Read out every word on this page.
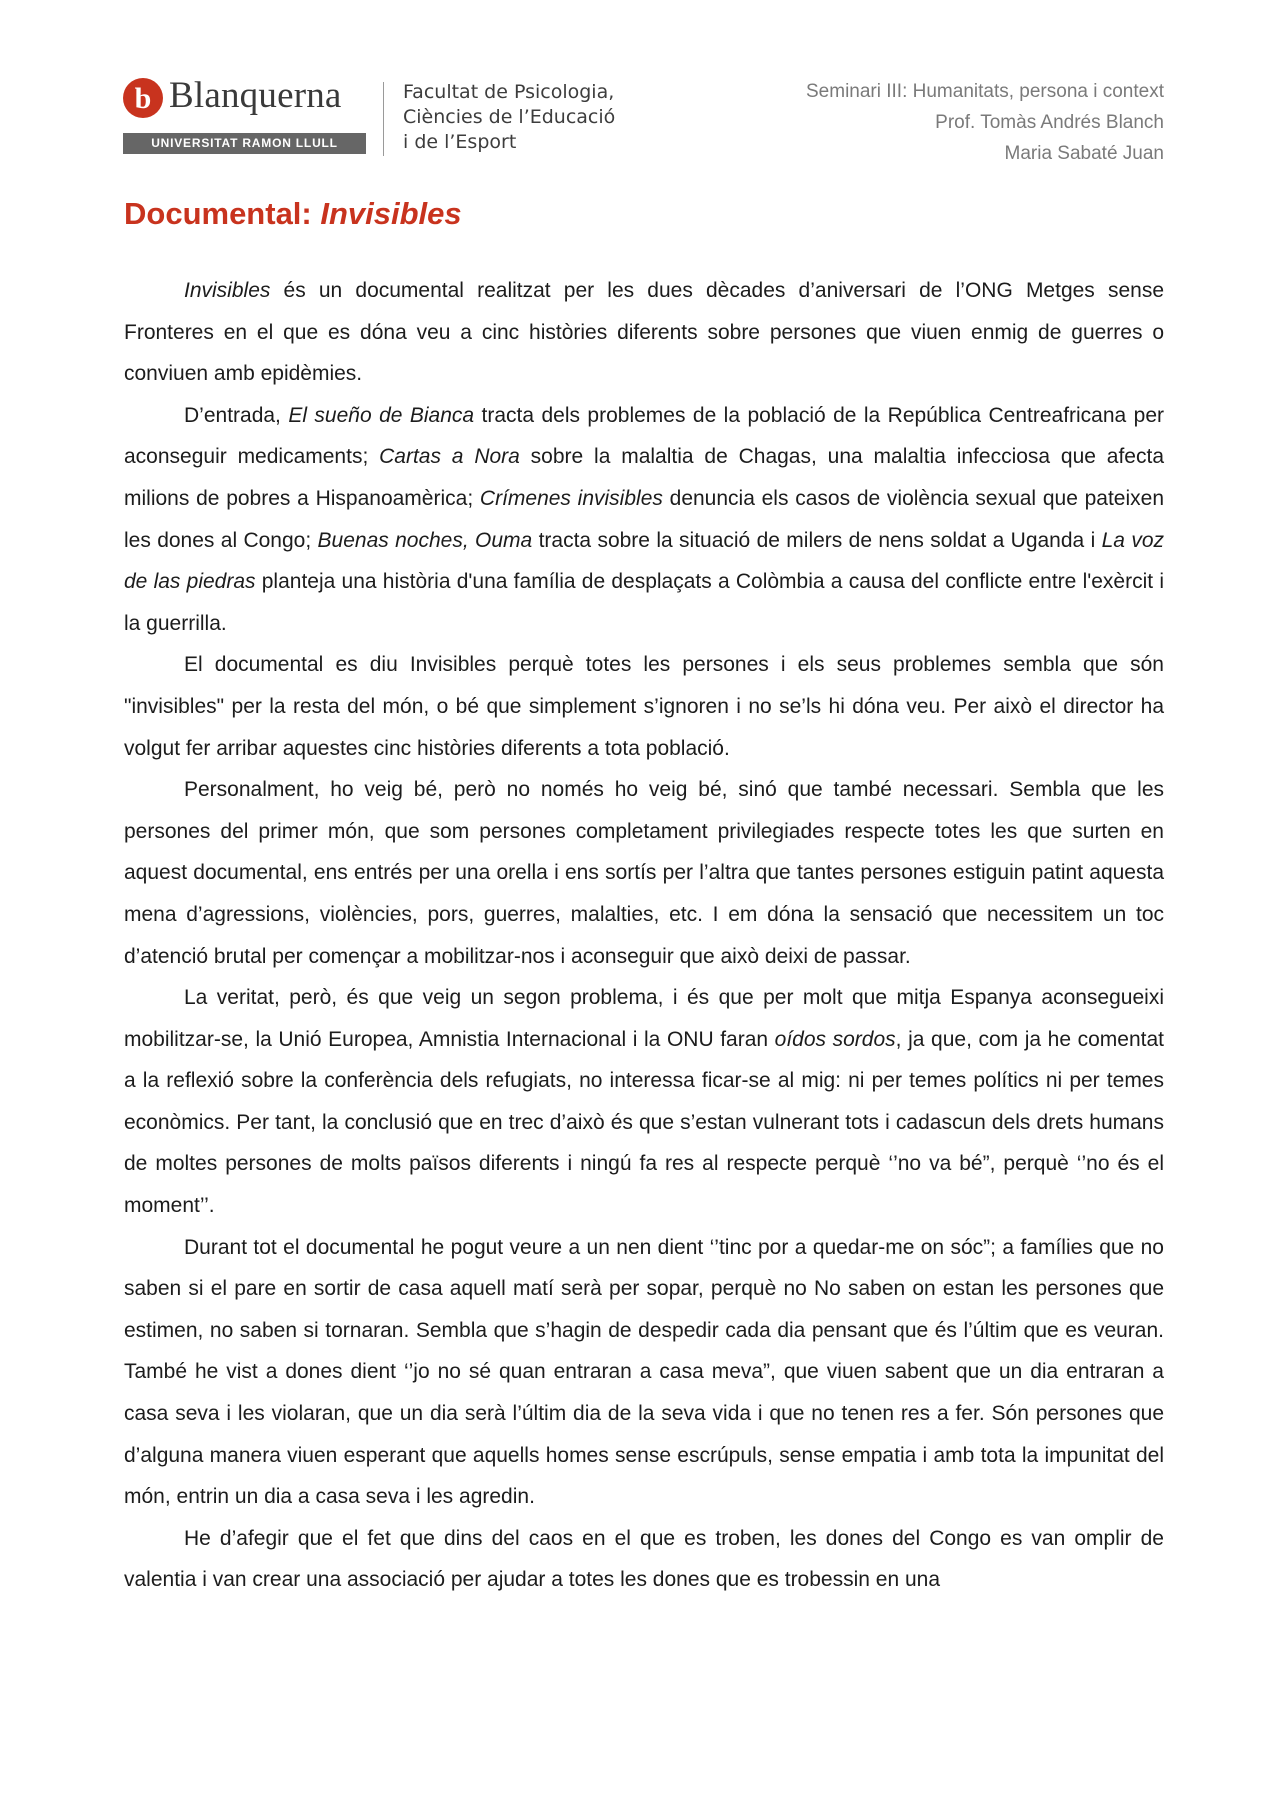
b Blanquerna
UNIVERSITAT RAMON LLULL
Facultat de Psicologia,
Ciències de l’Educació
i de l’Esport
Seminari III: Humanitats, persona i context
Prof. Tomàs Andrés Blanch
Maria Sabaté Juan
Documental: Invisibles

Invisibles és un documental realitzat per les dues dècades d’aniversari de l’ONG Metges sense Fronteres en el que es dóna veu a cinc històries diferents sobre persones que viuen enmig de guerres o conviuen amb epidèmies.

D’entrada, El sueño de Bianca tracta dels problemes de la població de la República Centreafricana per aconseguir medicaments; Cartas a Nora sobre la malaltia de Chagas, una malaltia infecciosa que afecta milions de pobres a Hispanoamèrica; Crímenes invisibles denuncia els casos de violència sexual que pateixen les dones al Congo; Buenas noches, Ouma tracta sobre la situació de milers de nens soldat a Uganda i La voz de las piedras planteja una història d'una família de desplaçats a Colòmbia a causa del conflicte entre l'exèrcit i la guerrilla.

El documental es diu Invisibles perquè totes les persones i els seus problemes sembla que són "invisibles" per la resta del món, o bé que simplement s’ignoren i no se’ls hi dóna veu. Per això el director ha volgut fer arribar aquestes cinc històries diferents a tota població.

Personalment, ho veig bé, però no només ho veig bé, sinó que també necessari. Sembla que les persones del primer món, que som persones completament privilegiades respecte totes les que surten en aquest documental, ens entrés per una orella i ens sortís per l’altra que tantes persones estiguin patint aquesta mena d’agressions, violències, pors, guerres, malalties, etc. I em dóna la sensació que necessitem un toc d’atenció brutal per començar a mobilitzar-nos i aconseguir que això deixi de passar.

La veritat, però, és que veig un segon problema, i és que per molt que mitja Espanya aconsegueixi mobilitzar-se, la Unió Europea, Amnistia Internacional i la ONU faran oídos sordos, ja que, com ja he comentat a la reflexió sobre la conferència dels refugiats, no interessa ficar-se al mig: ni per temes polítics ni per temes econòmics. Per tant, la conclusió que en trec d’això és que s’estan vulnerant tots i cadascun dels drets humans de moltes persones de molts països diferents i ningú fa res al respecte perquè ‘’no va bé”, perquè ‘’no és el moment’’.

Durant tot el documental he pogut veure a un nen dient ‘’tinc por a quedar-me on sóc”; a famílies que no saben si el pare en sortir de casa aquell matí serà per sopar, perquè no No saben on estan les persones que estimen, no saben si tornaran. Sembla que s’hagin de despedir cada dia pensant que és l’últim que es veuran. També he vist a dones dient ‘’jo no sé quan entraran a casa meva”, que viuen sabent que un dia entraran a casa seva i les violaran, que un dia serà l’últim dia de la seva vida i que no tenen res a fer. Són persones que d’alguna manera viuen esperant que aquells homes sense escrúpuls, sense empatia i amb tota la impunitat del món, entrin un dia a casa seva i les agredin.

He d’afegir que el fet que dins del caos en el que es troben, les dones del Congo es van omplir de valentia i van crear una associació per ajudar a totes les dones que es trobessin en una
